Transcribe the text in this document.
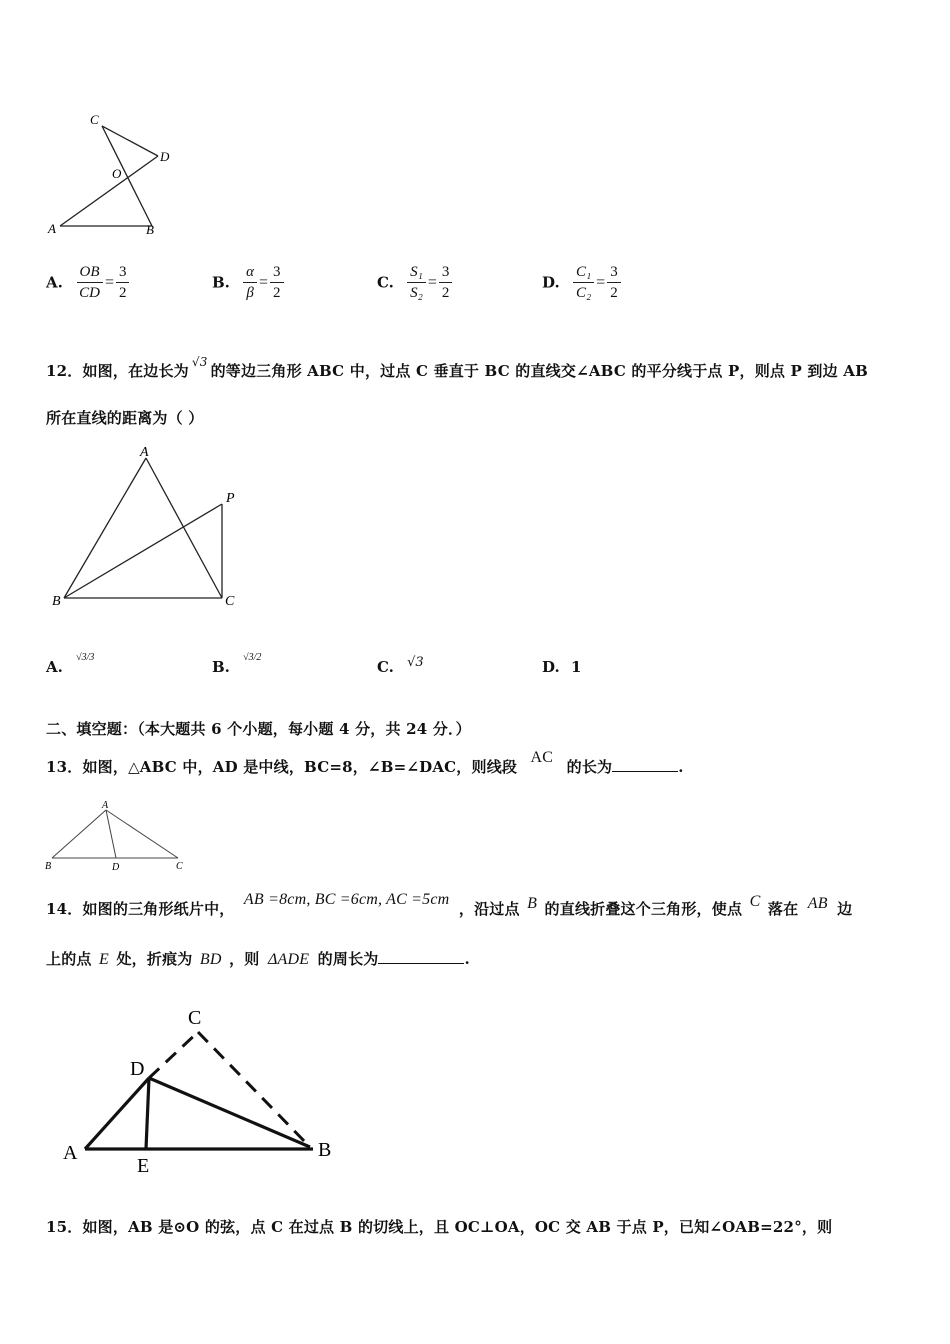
C
D
O
A	B
A. $\frac{OB}{CD} = \frac{3}{2}$	B. $\frac{\alpha}{\beta} = \frac{3}{2}$	C. $\frac{\text{S₁}}{\text{S₂}} = \frac{3}{2}$	D. $\frac{\text{C₁}}{\text{C₂}} = \frac{3}{2}$
12．如图，在边长为 $^{√3}$ 的等边三角形 ABC 中，过点 C 垂直于 BC 的直线交∠ABC 的平分线于点 P，则点 P 到边 AB
所在直线的距离为（ ）
A
P
B	C
A. $^{√3/3}$
B. $^{√3/2}$
C. √3	D. 1
二、填空题：（本大题共 6 个小题，每小题 4 分，共 24 分．）
13．如图，△ABC 中，AD 是中线，BC=8，∠B=∠DAC，则线段 AC 的长为	.
A
B	D	C
14．如图的三角形纸片中， AB =8cm, BC =6cm, AC =5cm ，沿过点 B 的直线折叠这个三角形，使点 C 落在 AB 边
上的点 E 处，折痕为 BD ，则 ΔADE 的周长为	.
C
D
A
E
B
15．如图，AB 是⊙O 的弦，点 C 在过点 B 的切线上，且 OC⊥OA，OC 交 AB 于点 P，已知∠OAB=22°，则
